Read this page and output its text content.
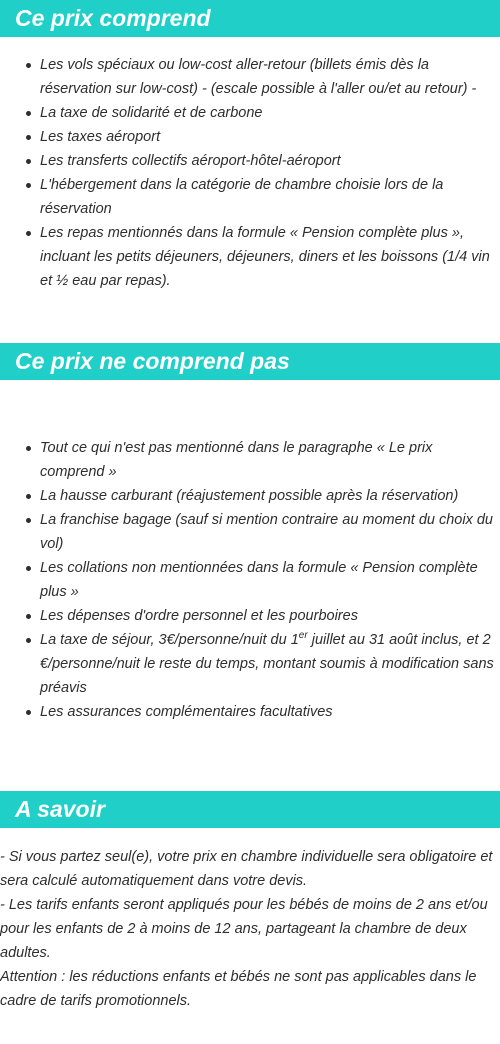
Ce prix comprend
Les vols spéciaux ou low-cost aller-retour (billets émis dès la réservation sur low-cost) - (escale possible à l'aller ou/et au retour) -
La taxe de solidarité et de carbone
Les taxes aéroport
Les transferts collectifs aéroport-hôtel-aéroport
L'hébergement dans la catégorie de chambre choisie lors de la réservation
Les repas mentionnés dans la formule « Pension complète plus », incluant les petits déjeuners, déjeuners, diners et les boissons (1/4 vin et ½ eau par repas).
Ce prix ne comprend pas
Tout ce qui n'est pas mentionné dans le paragraphe « Le prix comprend »
La hausse carburant (réajustement possible après la réservation)
La franchise bagage (sauf si mention contraire au moment du choix du vol)
Les collations non mentionnées dans la formule « Pension complète plus »
Les dépenses d'ordre personnel et les pourboires
La taxe de séjour, 3€/personne/nuit du 1er juillet au 31 août inclus, et 2 €/personne/nuit le reste du temps, montant soumis à modification sans préavis
Les assurances complémentaires facultatives
A savoir

- Si vous partez seul(e), votre prix en chambre individuelle sera obligatoire et sera calculé automatiquement dans votre devis.

- Les tarifs enfants seront appliqués pour les bébés de moins de 2 ans et/ou pour les enfants de 2 à moins de 12 ans, partageant la chambre de deux adultes.

Attention : les réductions enfants et bébés ne sont pas applicables dans le cadre de tarifs promotionnels.
